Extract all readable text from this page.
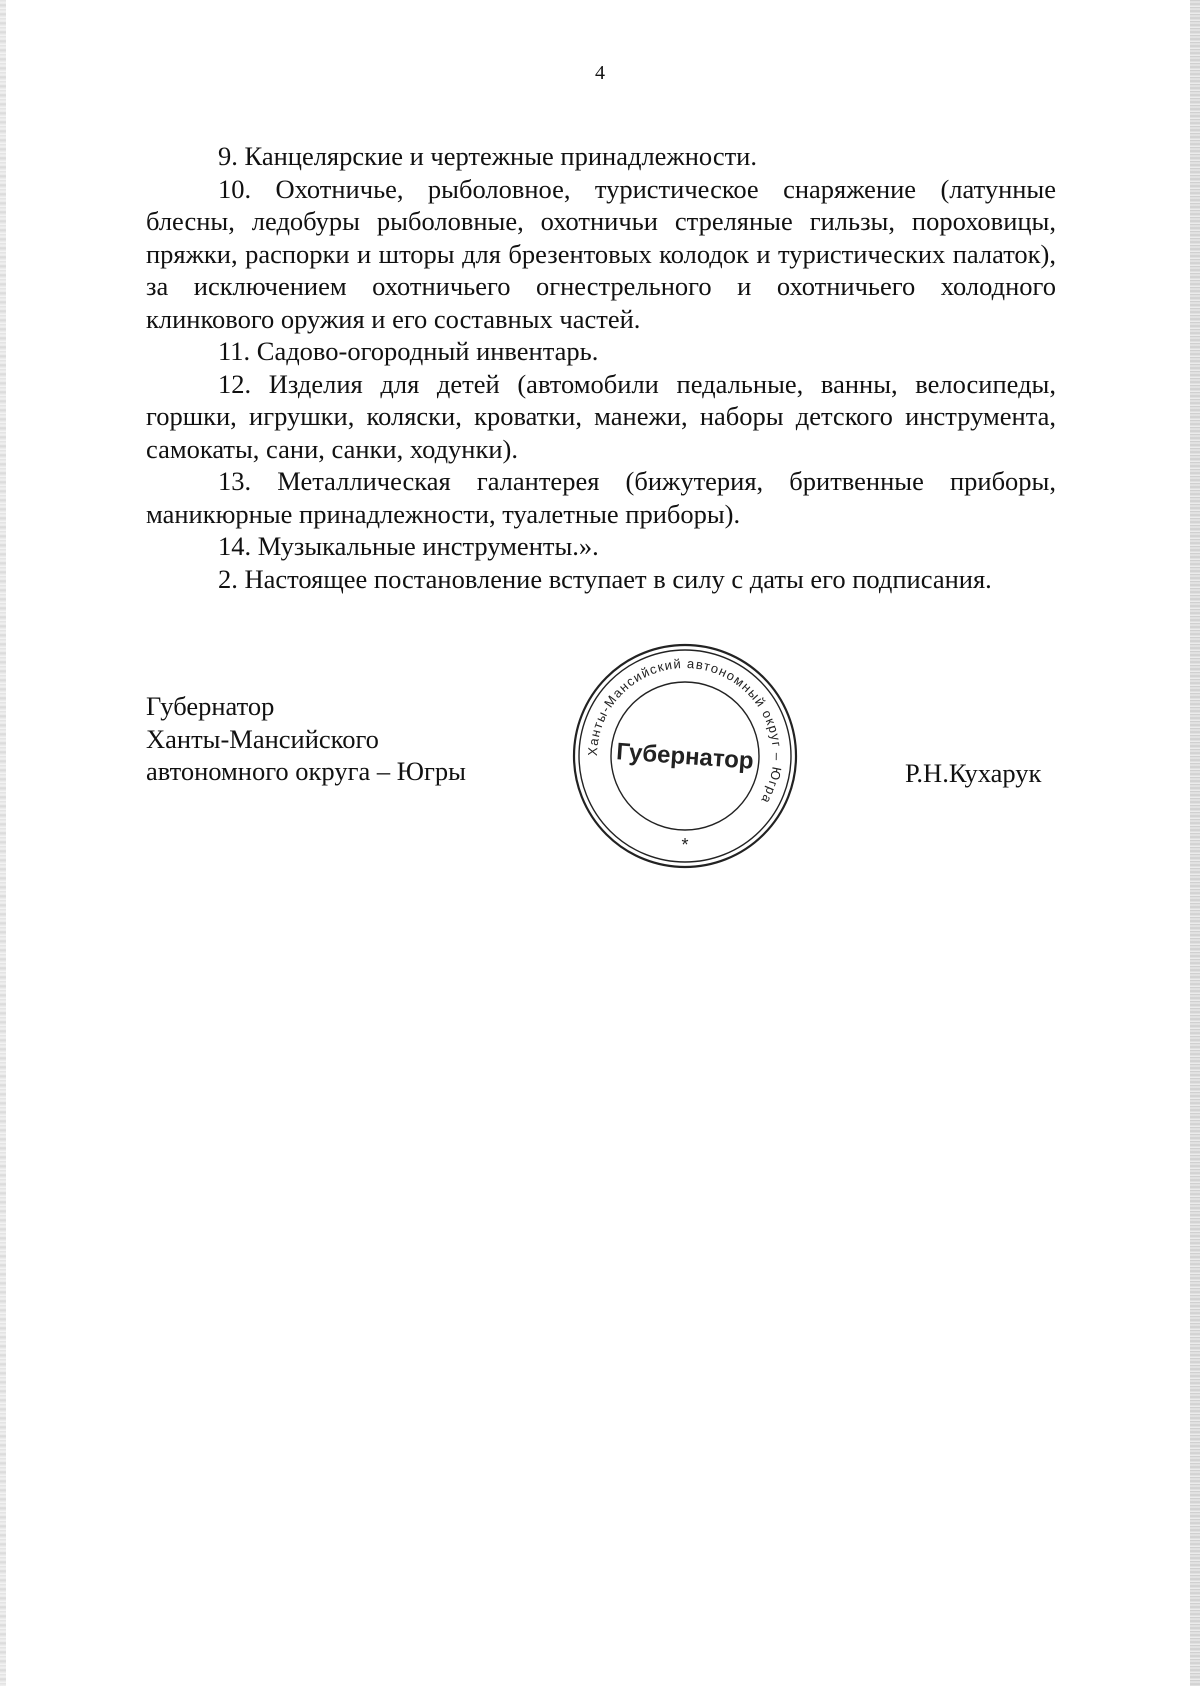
4

9. Канцелярские и чертежные принадлежности.

10. Охотничье, рыболовное, туристическое снаряжение (латунные блесны, ледобуры рыболовные, охотничьи стреляные гильзы, пороховицы, пряжки, распорки и шторы для брезентовых колодок и туристических палаток), за исключением охотничьего огнестрельного и охотничьего холодного клинкового оружия и его составных частей.

11. Садово-огородный инвентарь.

12. Изделия для детей (автомобили педальные, ванны, велосипеды, горшки, игрушки, коляски, кроватки, манежи, наборы детского инструмента, самокаты, сани, санки, ходунки).

13. Металлическая галантерея (бижутерия, бритвенные приборы, маникюрные принадлежности, туалетные приборы).

14. Музыкальные инструменты.».

2. Настоящее постановление вступает в силу с даты его подписания.

Губернатор
Ханты-Мансийского
автономного округа – Югры
Ханты-Мансийский автономный округ – Югра
Губернатор
*
Р.Н.Кухарук
